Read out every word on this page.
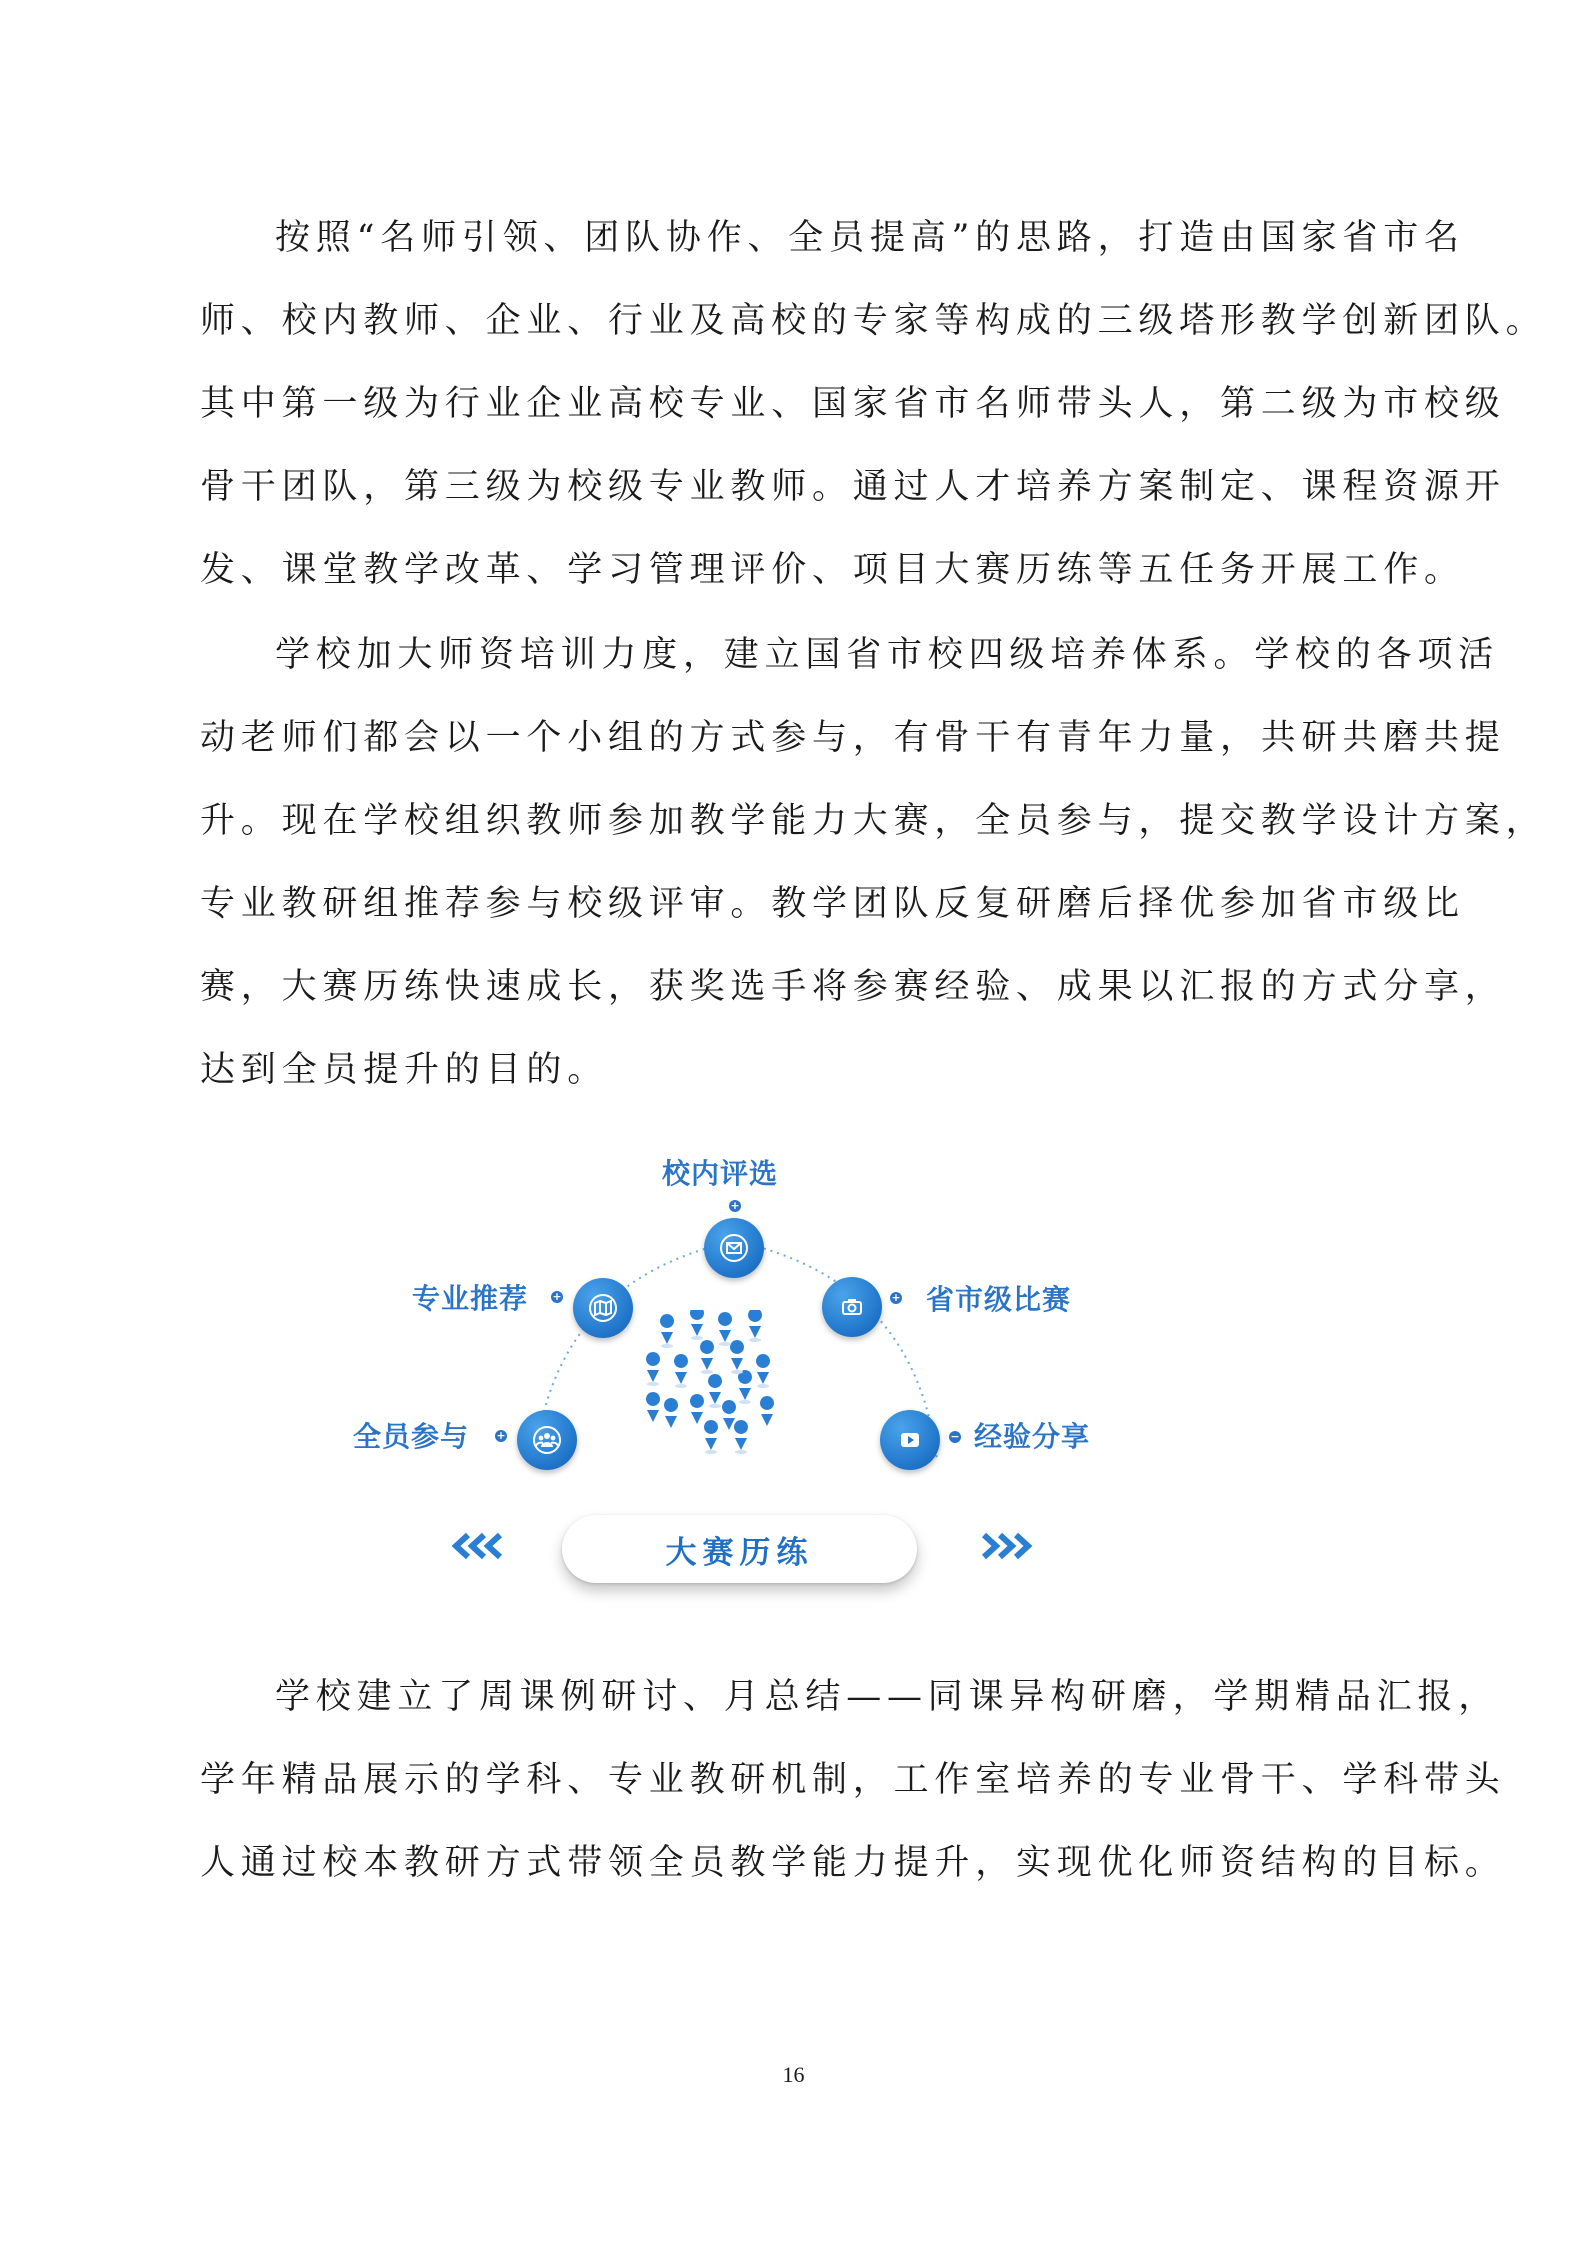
按照“名师引领、团队协作、全员提高”的思路，打造由国家省市名
师、校内教师、企业、行业及高校的专家等构成的三级塔形教学创新团队。
其中第一级为行业企业高校专业、国家省市名师带头人，第二级为市校级
骨干团队，第三级为校级专业教师。通过人才培养方案制定、课程资源开
发、课堂教学改革、学习管理评价、项目大赛历练等五任务开展工作。
学校加大师资培训力度，建立国省市校四级培养体系。学校的各项活
动老师们都会以一个小组的方式参与，有骨干有青年力量，共研共磨共提
升。现在学校组织教师参加教学能力大赛，全员参与，提交教学设计方案，
专业教研组推荐参与校级评审。教学团队反复研磨后择优参加省市级比
赛，大赛历练快速成长，获奖选手将参赛经验、成果以汇报的方式分享，
达到全员提升的目的。
校内评选
+
专业推荐 +	省市级比赛
+
全员参与 +	经验分享
−
大赛历练
学校建立了周课例研讨、月总结——同课异构研磨，学期精品汇报，
学年精品展示的学科、专业教研机制，工作室培养的专业骨干、学科带头
人通过校本教研方式带领全员教学能力提升，实现优化师资结构的目标。
16
